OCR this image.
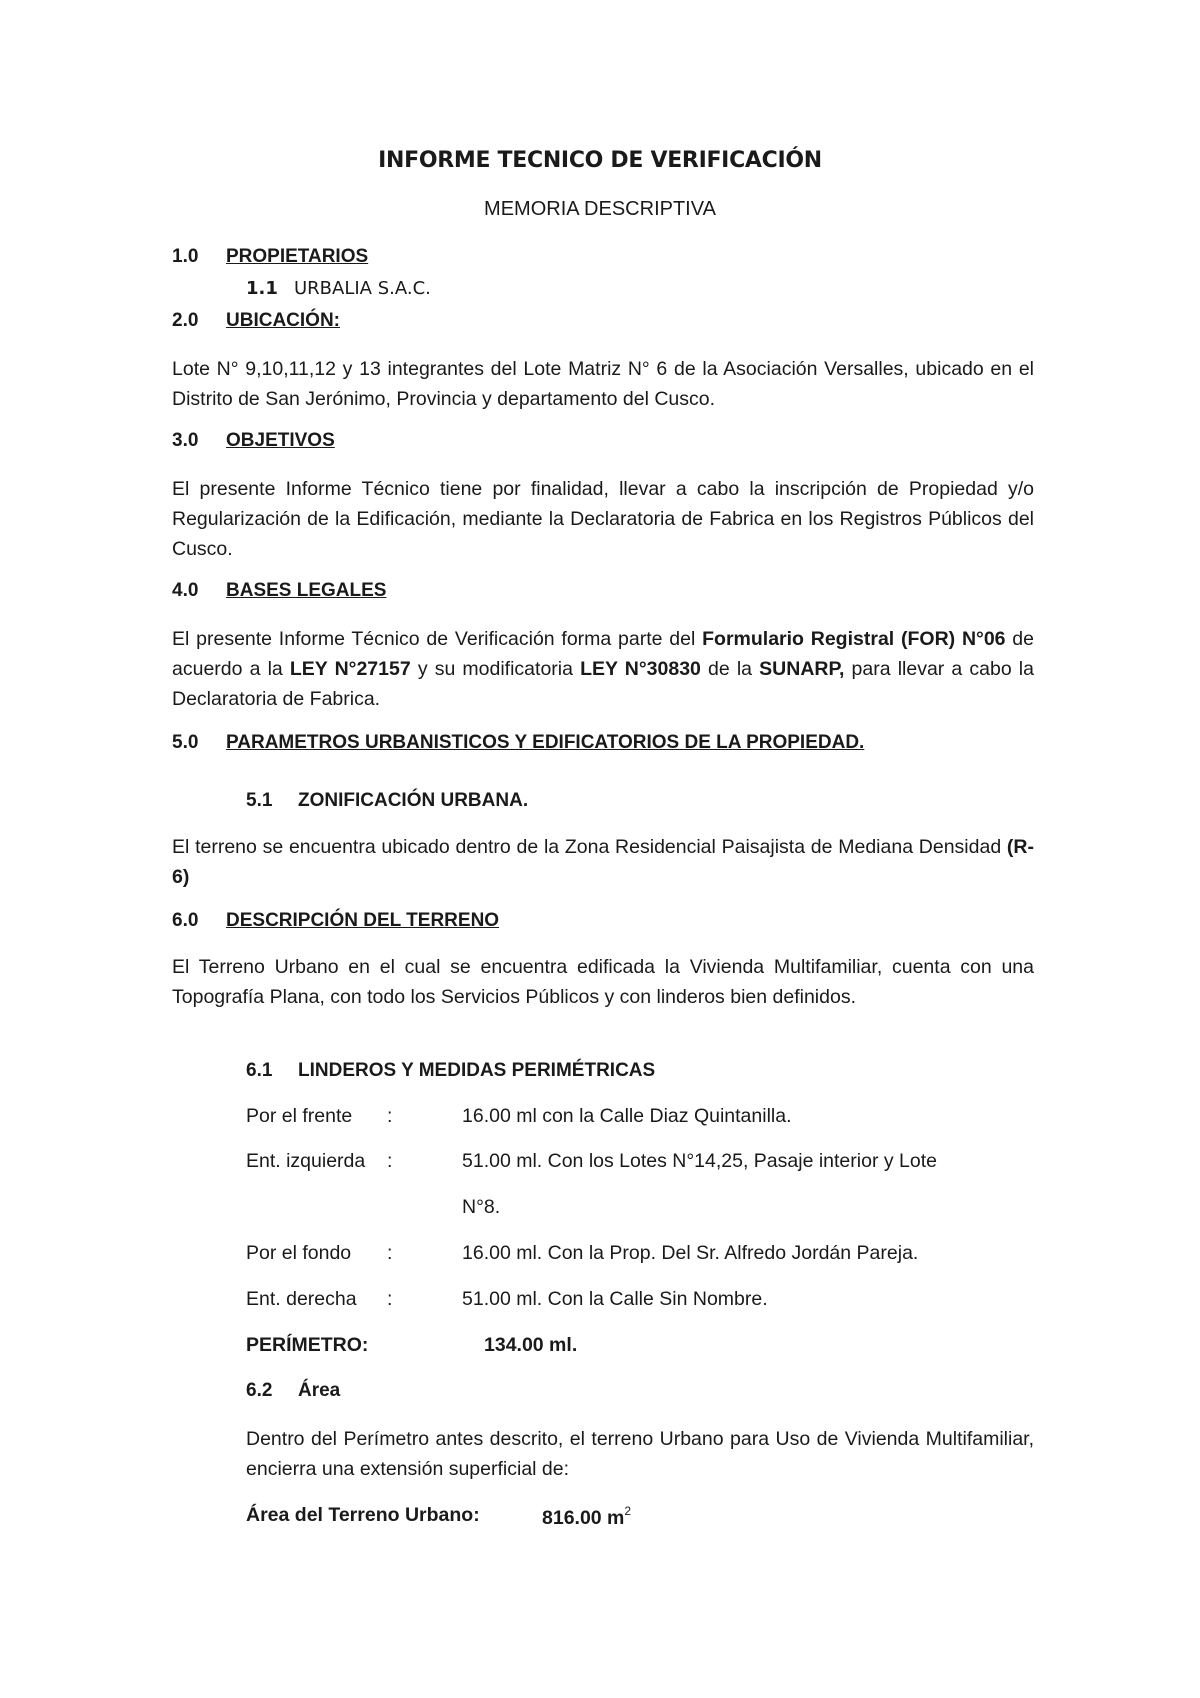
INFORME TECNICO DE VERIFICACIÓN
MEMORIA DESCRIPTIVA
1.0 PROPIETARIOS
1.1 URBALIA S.A.C.
2.0 UBICACIÓN:
Lote N° 9,10,11,12 y 13 integrantes del Lote Matriz N° 6 de la Asociación Versalles, ubicado en el Distrito de San Jerónimo, Provincia y departamento del Cusco.
3.0 OBJETIVOS
El presente Informe Técnico tiene por finalidad, llevar a cabo la inscripción de Propiedad y/o Regularización de la Edificación, mediante la Declaratoria de Fabrica en los Registros Públicos del Cusco.
4.0 BASES LEGALES
El presente Informe Técnico de Verificación forma parte del Formulario Registral (FOR) N°06 de acuerdo a la LEY N°27157 y su modificatoria LEY N°30830 de la SUNARP, para llevar a cabo la Declaratoria de Fabrica.
5.0 PARAMETROS URBANISTICOS Y EDIFICATORIOS DE LA PROPIEDAD.
5.1 ZONIFICACIÓN URBANA.
El terreno se encuentra ubicado dentro de la Zona Residencial Paisajista de Mediana Densidad (R-6)
6.0 DESCRIPCIÓN DEL TERRENO
El Terreno Urbano en el cual se encuentra edificada la Vivienda Multifamiliar, cuenta con una Topografía Plana, con todo los Servicios Públicos y con linderos bien definidos.
6.1 LINDEROS Y MEDIDAS PERIMÉTRICAS
Por el frente :	16.00 ml con la Calle Diaz Quintanilla.
Ent. izquierda :	51.00 ml. Con los Lotes N°14,25, Pasaje interior y Lote
N°8.
Por el fondo :	16.00 ml. Con la Prop. Del Sr. Alfredo Jordán Pareja.
Ent. derecha :	51.00 ml. Con la Calle Sin Nombre.
PERÍMETRO:	134.00 ml.
6.2 Área
Dentro del Perímetro antes descrito, el terreno Urbano para Uso de Vivienda Multifamiliar, encierra una extensión superficial de:
Área del Terreno Urbano:	816.00 $m^2$
